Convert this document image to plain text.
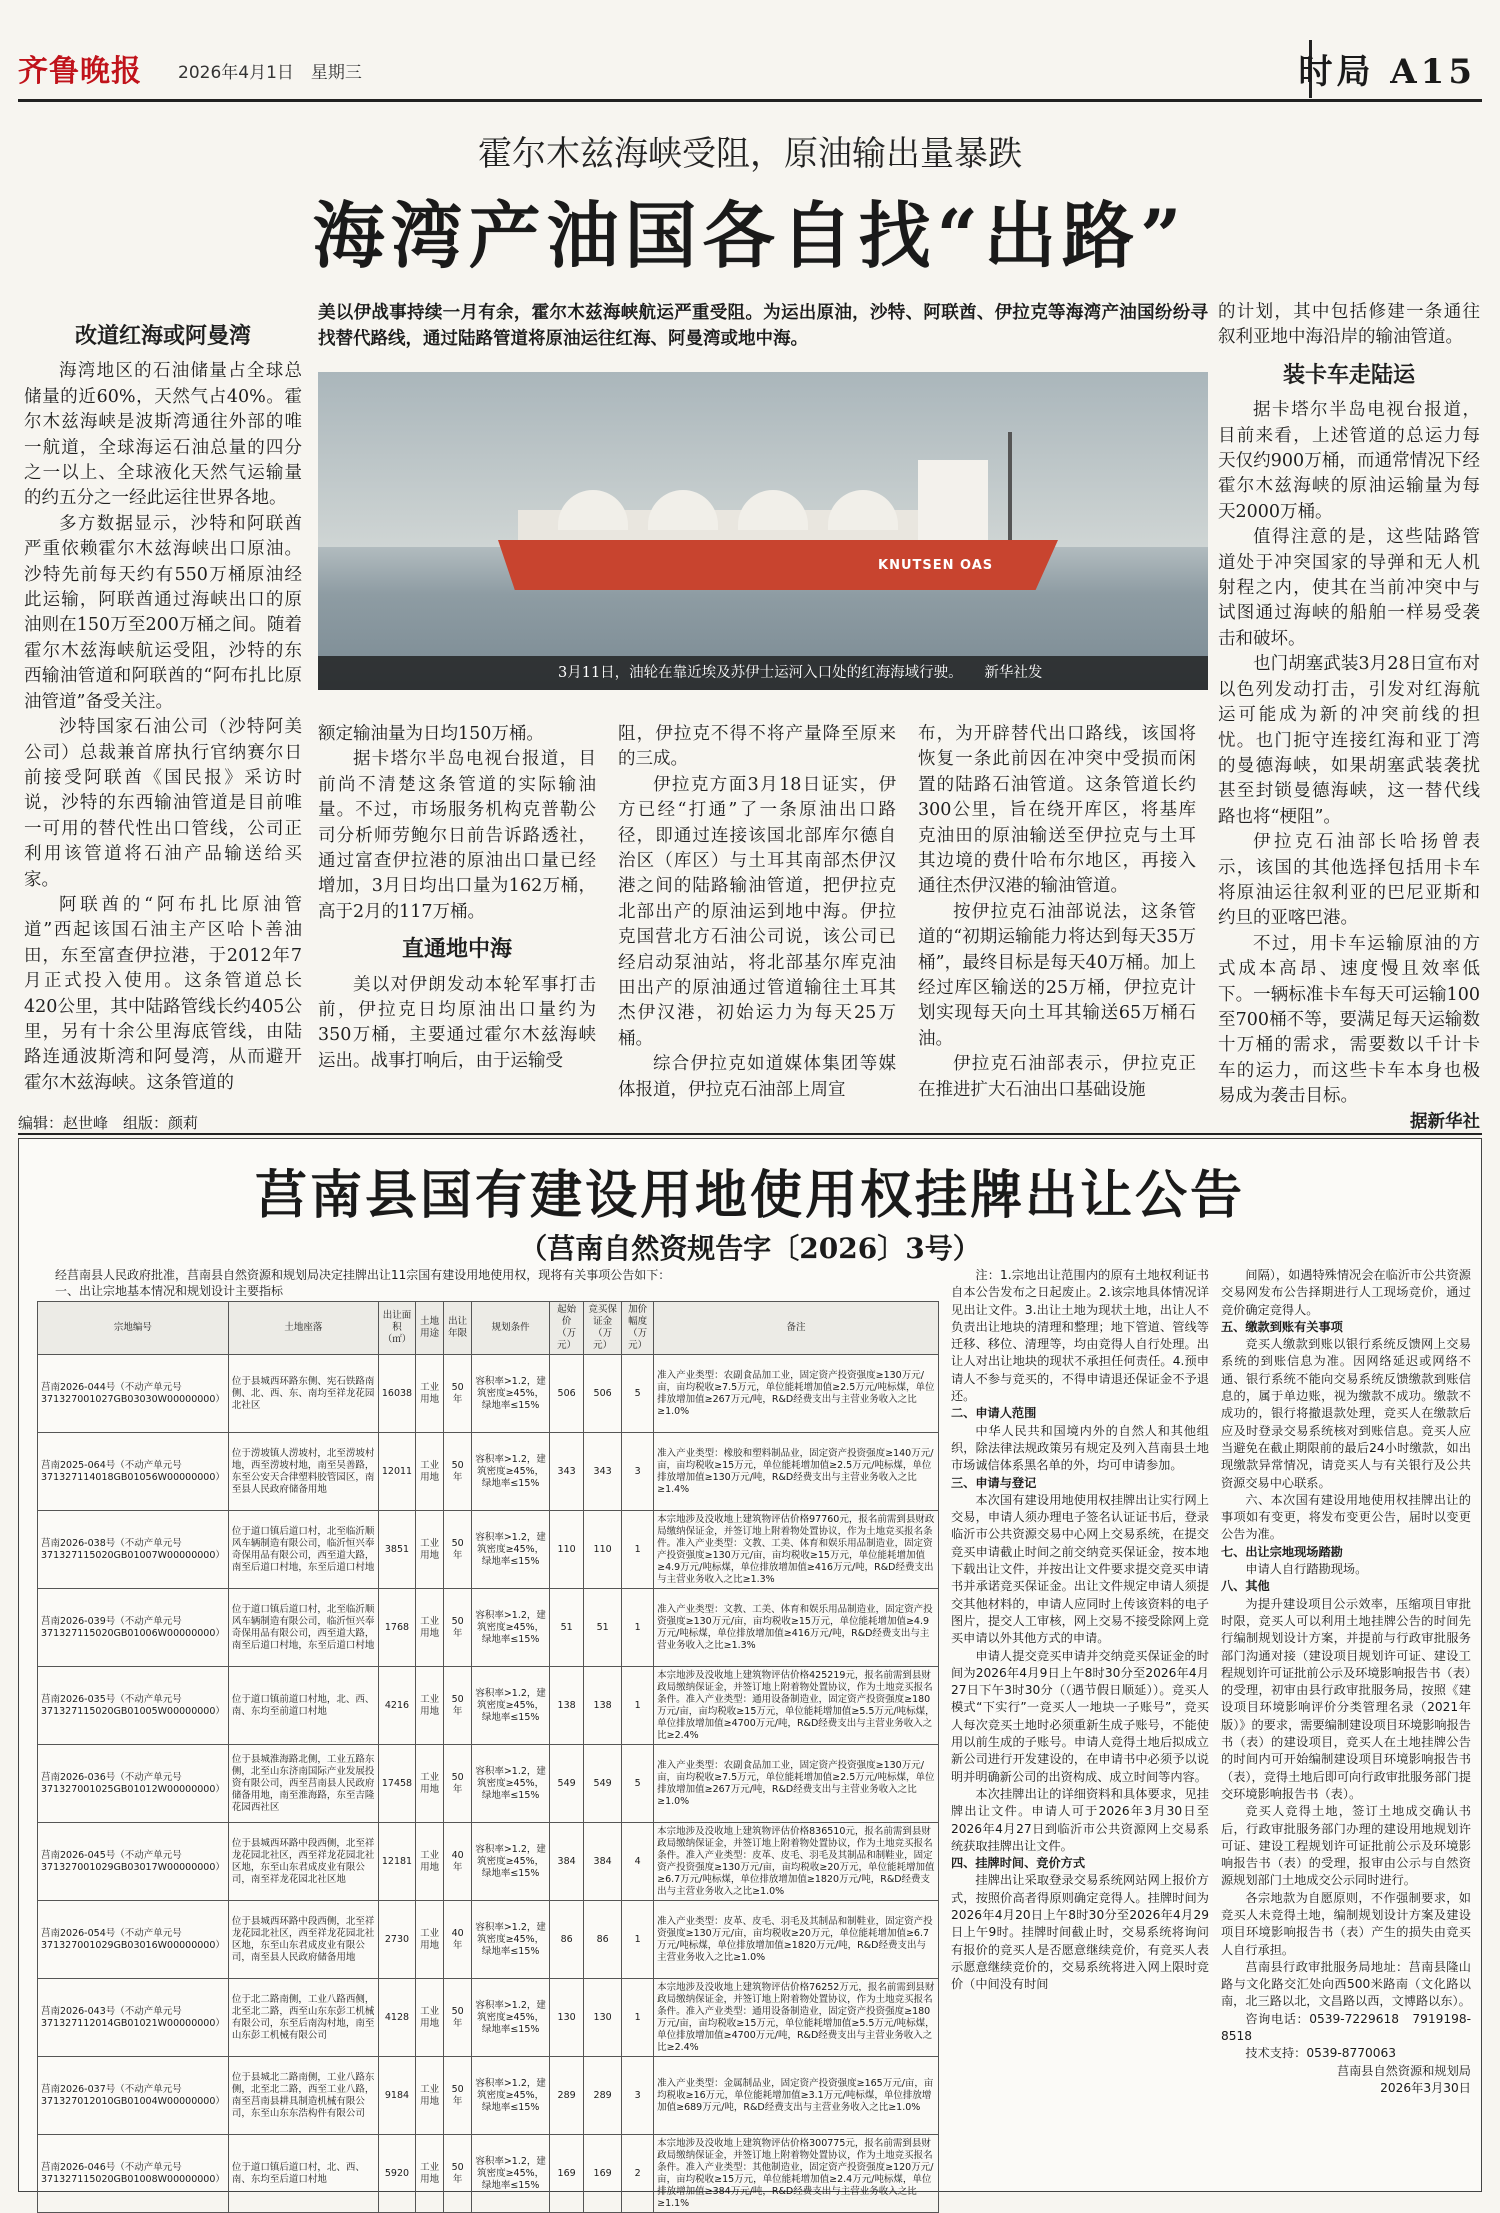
齐鲁晚报 2026年4月1日　星期三	时局 A15
霍尔木兹海峡受阻，原油输出量暴跌
海湾产油国各自找“出路”
美以伊战事持续一月有余，霍尔木兹海峡航运严重受阻。为运出原油，沙特、阿联酋、伊拉克等海湾产油国纷纷寻找替代路线，通过陆路管道将原油运往红海、阿曼湾或地中海。
KNUTSEN OAS
3月11日，油轮在靠近埃及苏伊士运河入口处的红海海域行驶。　　新华社发
改道红海或阿曼湾

海湾地区的石油储量占全球总储量的近60%，天然气占40%。霍尔木兹海峡是波斯湾通往外部的唯一航道，全球海运石油总量的四分之一以上、全球液化天然气运输量的约五分之一经此运往世界各地。

多方数据显示，沙特和阿联酋严重依赖霍尔木兹海峡出口原油。沙特先前每天约有550万桶原油经此运输，阿联酋通过海峡出口的原油则在150万至200万桶之间。随着霍尔木兹海峡航运受阻，沙特的东西输油管道和阿联酋的“阿布扎比原油管道”备受关注。

沙特国家石油公司（沙特阿美公司）总裁兼首席执行官纳赛尔日前接受阿联酋《国民报》采访时说，沙特的东西输油管道是目前唯一可用的替代性出口管线，公司正利用该管道将石油产品输送给买家。

阿联酋的“阿布扎比原油管道”西起该国石油主产区哈卜善油田，东至富查伊拉港，于2012年7月正式投入使用。这条管道总长420公里，其中陆路管线长约405公里，另有十余公里海底管线，由陆路连通波斯湾和阿曼湾，从而避开霍尔木兹海峡。这条管道的

额定输油量为日均150万桶。

据卡塔尔半岛电视台报道，目前尚不清楚这条管道的实际输油量。不过，市场服务机构克普勒公司分析师劳鲍尔日前告诉路透社，通过富查伊拉港的原油出口量已经增加，3月日均出口量为162万桶，高于2月的117万桶。

直通地中海

美以对伊朗发动本轮军事打击前，伊拉克日均原油出口量约为350万桶，主要通过霍尔木兹海峡运出。战事打响后，由于运输受

阻，伊拉克不得不将产量降至原来的三成。

伊拉克方面3月18日证实，伊方已经“打通”了一条原油出口路径，即通过连接该国北部库尔德自治区（库区）与土耳其南部杰伊汉港之间的陆路输油管道，把伊拉克北部出产的原油运到地中海。伊拉克国营北方石油公司说，该公司已经启动泵油站，将北部基尔库克油田出产的原油通过管道输往土耳其杰伊汉港，初始运力为每天25万桶。

综合伊拉克如道媒体集团等媒体报道，伊拉克石油部上周宣

布，为开辟替代出口路线，该国将恢复一条此前因在冲突中受损而闲置的陆路石油管道。这条管道长约300公里，旨在绕开库区，将基库克油田的原油输送至伊拉克与土耳其边境的费什哈布尔地区，再接入通往杰伊汉港的输油管道。

按伊拉克石油部说法，这条管道的“初期运输能力将达到每天35万桶”，最终目标是每天40万桶。加上经过库区输送的25万桶，伊拉克计划实现每天向土耳其输送65万桶石油。

伊拉克石油部表示，伊拉克正在推进扩大石油出口基础设施

的计划，其中包括修建一条通往叙利亚地中海沿岸的输油管道。

装卡车走陆运

据卡塔尔半岛电视台报道，目前来看，上述管道的总运力每天仅约900万桶，而通常情况下经霍尔木兹海峡的原油运输量为每天2000万桶。

值得注意的是，这些陆路管道处于冲突国家的导弹和无人机射程之内，使其在当前冲突中与试图通过海峡的船舶一样易受袭击和破坏。

也门胡塞武装3月28日宣布对以色列发动打击，引发对红海航运可能成为新的冲突前线的担忧。也门扼守连接红海和亚丁湾的曼德海峡，如果胡塞武装袭扰甚至封锁曼德海峡，这一替代线路也将“梗阻”。

伊拉克石油部长哈扬曾表示，该国的其他选择包括用卡车将原油运往叙利亚的巴尼亚斯和约旦的亚喀巴港。

不过，用卡车运输原油的方式成本高昂、速度慢且效率低下。一辆标准卡车每天可运输100至700桶不等，要满足每天运输数十万桶的需求，需要数以千计卡车的运力，而这些卡车本身也极易成为袭击目标。

据新华社
编辑：赵世峰　组版：颜莉
莒南县国有建设用地使用权挂牌出让公告
（莒南自然资规告字〔2026〕3号）
经莒南县人民政府批准，莒南县自然资源和规划局决定挂牌出让11宗国有建设用地使用权，现将有关事项公告如下：
一、出让宗地基本情况和规划设计主要指标
宗地编号	土地座落	出让面积（㎡）	土地用途	出让年限	规划条件	起始价（万元）	竞买保证金（万元）	加价幅度（万元）	备注
莒南2026-044号（不动产单元号371327001027GB03030W00000000）	位于县城西环路东侧、宪石铁路南侧、北、西、东、南均至祥龙花园北社区	16038	工业用地	50年	容积率>1.2，建筑密度≥45%，绿地率≤15%	506	506	5	准入产业类型：农副食品加工业，固定资产投资强度≥130万元/亩，亩均税收≥7.5万元，单位能耗增加值≥2.5万元/吨标煤，单位排放增加值≥267万元/吨，R&D经费支出与主营业务收入之比≥1.0%
莒南2025-064号（不动产单元号371327114018GB01056W00000000）	位于涝坡镇人涝坡村，北至涝坡村地，西至涝坡村地，南至吴善路，东至公安天合律塑料胶管园区，南至县人民政府储备用地	12011	工业用地	50年	容积率>1.2，建筑密度≥45%，绿地率≤15%	343	343	3	准入产业类型：橡胶和塑料制品业，固定资产投资强度≥140万元/亩，亩均税收≥15万元，单位能耗增加值≥2.5万元/吨标煤，单位排放增加值≥130万元/吨，R&D经费支出与主营业务收入之比≥1.4%
莒南2026-038号（不动产单元号371327115020GB01007W00000000）	位于道口镇后道口村，北至临沂顺风车辆制造有限公司，临沂恒兴奉奇保用品有限公司，西至道大路，南至后道口村地，东至后道口村地	3851	工业用地	50年	容积率>1.2，建筑密度≥45%，绿地率≤15%	110	110	1	本宗地涉及没收地上建筑物评估价格97760元，报名前需到县财政局缴纳保证金，并签订地上附着物处置协议，作为土地竞买报名条件。准入产业类型：文教、工美、体育和娱乐用品制造业，固定资产投资强度≥130万元/亩，亩均税收≥15万元，单位能耗增加值≥4.9万元/吨标煤，单位排放增加值≥416万元/吨，R&D经费支出与主营业务收入之比≥1.3%
莒南2026-039号（不动产单元号371327115020GB01006W00000000）	位于道口镇后道口村，北至临沂顺风车辆制造有限公司，临沂恒兴奉奇保用品有限公司，西至道大路，南至后道口村地，东至后道口村地	1768	工业用地	50年	容积率>1.2，建筑密度≥45%，绿地率≤15%	51	51	1	准入产业类型：文教、工美、体育和娱乐用品制造业，固定资产投资强度≥130万元/亩，亩均税收≥15万元，单位能耗增加值≥4.9万元/吨标煤，单位排放增加值≥416万元/吨，R&D经费支出与主营业务收入之比≥1.3%
莒南2026-035号（不动产单元号371327115020GB01005W00000000）	位于道口镇前道口村地，北、西、南、东均至前道口村地	4216	工业用地	50年	容积率>1.2，建筑密度≥45%，绿地率≤15%	138	138	1	本宗地涉及没收地上建筑物评估价格425219元，报名前需到县财政局缴纳保证金，并签订地上附着物处置协议，作为土地竞买报名条件。准入产业类型：通用设备制造业，固定资产投资强度≥180万元/亩，亩均税收≥15万元，单位能耗增加值≥5.5万元/吨标煤，单位排放增加值≥4700万元/吨，R&D经费支出与主营业务收入之比≥2.4%
莒南2026-036号（不动产单元号371327001025GB01012W00000000）	位于县城淮海路北侧，工业五路东侧，北至山东济南国际产业发展投资有限公司，西至莒南县人民政府储备用地，南至淮海路，东至吉隆花园西社区	17458	工业用地	50年	容积率>1.2，建筑密度≥45%，绿地率≤15%	549	549	5	准入产业类型：农副食品加工业，固定资产投资强度≥130万元/亩，亩均税收≥7.5万元，单位能耗增加值≥2.5万元/吨标煤，单位排放增加值≥267万元/吨，R&D经费支出与主营业务收入之比≥1.0%
莒南2026-045号（不动产单元号371327001029GB03017W00000000）	位于县城西环路中段西侧，北至祥龙花园北社区，西至祥龙花园北社区地，东至山东君成皮业有限公司，南至祥龙花园北社区地	12181	工业用地	40年	容积率>1.2，建筑密度≥45%，绿地率≤15%	384	384	4	本宗地涉及没收地上建筑物评估价格836510元，报名前需到县财政局缴纳保证金，并签订地上附着物处置协议，作为土地竞买报名条件。准入产业类型：皮革、皮毛、羽毛及其制品和制鞋业，固定资产投资强度≥130万元/亩，亩均税收≥20万元，单位能耗增加值≥6.7万元/吨标煤，单位排放增加值≥1820万元/吨，R&D经费支出与主营业务收入之比≥1.0%
莒南2026-054号（不动产单元号371327001029GB03016W00000000）	位于县城西环路中段西侧，北至祥龙花园北社区，西至祥龙花园北社区地，东至山东君成皮业有限公司，南至县人民政府储备用地	2730	工业用地	40年	容积率>1.2，建筑密度≥45%，绿地率≤15%	86	86	1	准入产业类型：皮革、皮毛、羽毛及其制品和制鞋业，固定资产投资强度≥130万元/亩，亩均税收≥20万元，单位能耗增加值≥6.7万元/吨标煤，单位排放增加值≥1820万元/吨，R&D经费支出与主营业务收入之比≥1.0%
莒南2026-043号（不动产单元号371327112014GB01021W00000000）	位于北二路南侧，工业八路西侧，北至北二路，西至山东东彭工机械有限公司，东至后南沟村地，南至山东彭工机械有限公司	4128	工业用地	50年	容积率>1.2，建筑密度≥45%，绿地率≤15%	130	130	1	本宗地涉及没收地上建筑物评估价格76252万元，报名前需到县财政局缴纳保证金，并签订地上附着物处置协议，作为土地竞买报名条件。准入产业类型：通用设备制造业，固定资产投资强度≥180万元/亩，亩均税收≥15万元，单位能耗增加值≥5.5万元/吨标煤，单位排放增加值≥4700万元/吨，R&D经费支出与主营业务收入之比≥2.4%
莒南2026-037号（不动产单元号371327012010GB01004W00000000）	位于县城北二路南侧，工业八路东侧，北至北二路，西至工业八路，南至莒南县耕具制造机械有限公司，东至山东东浩构件有限公司	9184	工业用地	50年	容积率>1.2，建筑密度≥45%，绿地率≤15%	289	289	3	准入产业类型：金属制品业，固定资产投资强度≥165万元/亩，亩均税收≥16万元，单位能耗增加值≥3.1万元/吨标煤，单位排放增加值≥689万元/吨，R&D经费支出与主营业务收入之比≥1.0%
莒南2026-046号（不动产单元号371327115020GB01008W00000000）	位于道口镇后道口村，北、西、南、东均至后道口村地	5920	工业用地	50年	容积率>1.2，建筑密度≥45%，绿地率≤15%	169	169	2	本宗地涉及没收地上建筑物评估价格300775元，报名前需到县财政局缴纳保证金，并签订地上附着物处置协议，作为土地竞买报名条件。准入产业类型：其他制造业，固定资产投资强度≥120万元/亩，亩均税收≥15万元，单位能耗增加值≥2.4万元/吨标煤，单位排放增加值≥384万元/吨，R&D经费支出与主营业务收入之比≥1.1%

注：1.宗地出让范围内的原有土地权利证书自本公告发布之日起废止。2.该宗地具体情况详见出让文件。3.出让土地为现状土地，出让人不负责出让地块的清理和整理；地下管道、管线等迁移、移位、清理等，均由竞得人自行处理。出让人对出让地块的现状不承担任何责任。4.预申请人不参与竞买的，不得申请退还保证金不予退还。

二、申请人范围

中华人民共和国境内外的自然人和其他组织，除法律法规政策另有规定及列入莒南县土地市场诚信体系黑名单的外，均可申请参加。

三、申请与登记

本次国有建设用地使用权挂牌出让实行网上交易，申请人须办理电子签名认证证书后，登录临沂市公共资源交易中心网上交易系统，在提交竞买申请截止时间之前交纳竞买保证金，按本地下载出让文件，并按出让文件要求提交竞买申请书并承诺竞买保证金。出让文件规定申请人须提交其他材料的，申请人应同时上传该资料的电子图片，提交人工审核，网上交易不接受除网上竞买申请以外其他方式的申请。

申请人提交竞买申请并交纳竞买保证金的时间为2026年4月9日上午8时30分至2026年4月27日下午3时30分（（遇节假日顺延））。竞买人模式“下实行”一竞买人一地块一子账号”，竞买人每次竞买土地时必须重新生成子账号，不能使用以前生成的子账号。申请人竞得土地后拟成立新公司进行开发建设的，在申请书中必须予以说明并明确新公司的出资构成、成立时间等内容。

本次挂牌出让的详细资料和具体要求，见挂牌出让文件。申请人可于2026年3月30日至2026年4月27日到临沂市公共资源网上交易系统获取挂牌出让文件。

四、挂牌时间、竞价方式

挂牌出让采取登录交易系统网站网上报价方式，按照价高者得原则确定竞得人。挂牌时间为2026年4月20日上午8时30分至2026年4月29日上午9时。挂牌时间截止时，交易系统将询问有报价的竞买人是否愿意继续竞价，有竞买人表示愿意继续竞价的，交易系统将进入网上限时竞价（中间没有时间

间隔），如遇特殊情况会在临沂市公共资源交易网发布公告择期进行人工现场竞价，通过竞价确定竞得人。

五、缴款到账有关事项

竞买人缴款到账以银行系统反馈网上交易系统的到账信息为准。因网络延迟或网络不通、银行系统不能向交易系统反馈缴款到账信息的，属于单边账，视为缴款不成功。缴款不成功的，银行将撤退款处理，竞买人在缴款后应及时登录交易系统核对到账信息。竞买人应当避免在截止期限前的最后24小时缴款，如出现缴款异常情况，请竞买人与有关银行及公共资源交易中心联系。

六、本次国有建设用地使用权挂牌出让的事项如有变更，将发布变更公告，届时以变更公告为准。

七、出让宗地现场踏勘

申请人自行踏勘现场。

八、其他

为提升建设项目公示效率，压缩项目审批时限，竞买人可以利用土地挂牌公告的时间先行编制规划设计方案，并提前与行政审批服务部门沟通对接（建设项目规划许可证、建设工程规划许可证批前公示及环境影响报告书（表）的受理，初审由县行政审批服务局，按照《建设项目环境影响评价分类管理名录（2021年版）》的要求，需要编制建设项目环境影响报告书（表）的建设项目，竞买人在土地挂牌公告的时间内可开始编制建设项目环境影响报告书（表），竞得土地后即可向行政审批服务部门提交环境影响报告书（表）。

竞买人竞得土地，签订土地成交确认书后，行政审批服务部门办理的建设用地规划许可证、建设工程规划许可证批前公示及环境影响报告书（表）的受理，报审由公示与自然资源规划部门土地成交公示同时进行。

各宗地款为自愿原则，不作强制要求，如竞买人未竞得土地，编制规划设计方案及建设项目环境影响报告书（表）产生的损失由竞买人自行承担。

莒南县行政审批服务局地址：莒南县隆山路与文化路交汇处向西500米路南（文化路以南，北三路以北，文昌路以西，文博路以东）。

咨询电话：0539-7229618　7919198-8518

技术支持：0539-8770063

莒南县自然资源和规划局
2026年3月30日
